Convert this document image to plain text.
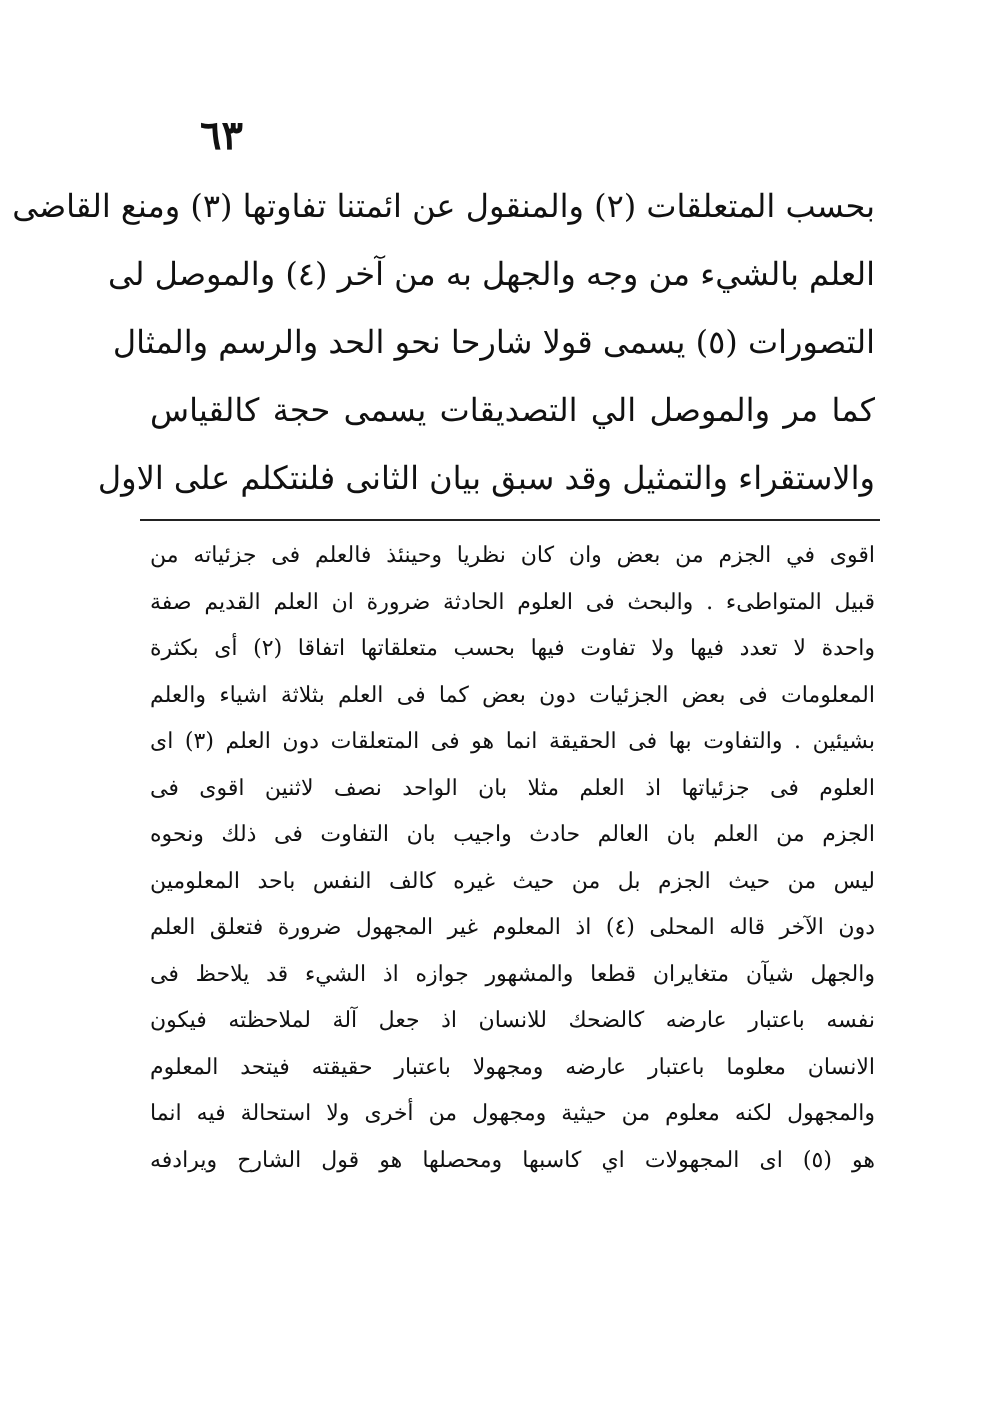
٦٣
بحسب المتعلقات (٢) والمنقول عن ائمتنا تفاوتها (٣) ومنع القاضى
العلم بالشيء من وجه والجهل به من آخر (٤) والموصل لى
التصورات (٥) يسمى قولا شارحا نحو الحد والرسم والمثال
كما مر والموصل الي التصديقات يسمى حجة كالقياس
والاستقراء والتمثيل وقد سبق بيان الثانى فلنتكلم على الاول
اقوى في الجزم من بعض وان كان نظريا وحينئذ فالعلم فى جزئياته من
قبيل المتواطىء . والبحث فى العلوم الحادثة ضرورة ان العلم القديم صفة
واحدة لا تعدد فيها ولا تفاوت فيها بحسب متعلقاتها اتفاقا (٢) أى بكثرة
المعلومات فى بعض الجزئيات دون بعض كما فى العلم بثلاثة اشياء والعلم
بشيئين . والتفاوت بها فى الحقيقة انما هو فى المتعلقات دون العلم (٣) اى
العلوم فى جزئياتها اذ العلم مثلا بان الواحد نصف لاثنين اقوى فى
الجزم من العلم بان العالم حادث واجيب بان التفاوت فى ذلك ونحوه
ليس من حيث الجزم بل من حيث غيره كالف النفس باحد المعلومين
دون الآخر قاله المحلى (٤) اذ المعلوم غير المجهول ضرورة فتعلق العلم
والجهل شيآن متغايران قطعا والمشهور جوازه اذ الشيء قد يلاحظ فى
نفسه باعتبار عارضه كالضحك للانسان اذ جعل آلة لملاحظته فيكون
الانسان معلوما باعتبار عارضه ومجهولا باعتبار حقيقته فيتحد المعلوم
والمجهول لكنه معلوم من حيثية ومجهول من أخرى ولا استحالة فيه انما
هو (٥) اى المجهولات اي كاسبها ومحصلها هو قول الشارح ويرادفه
